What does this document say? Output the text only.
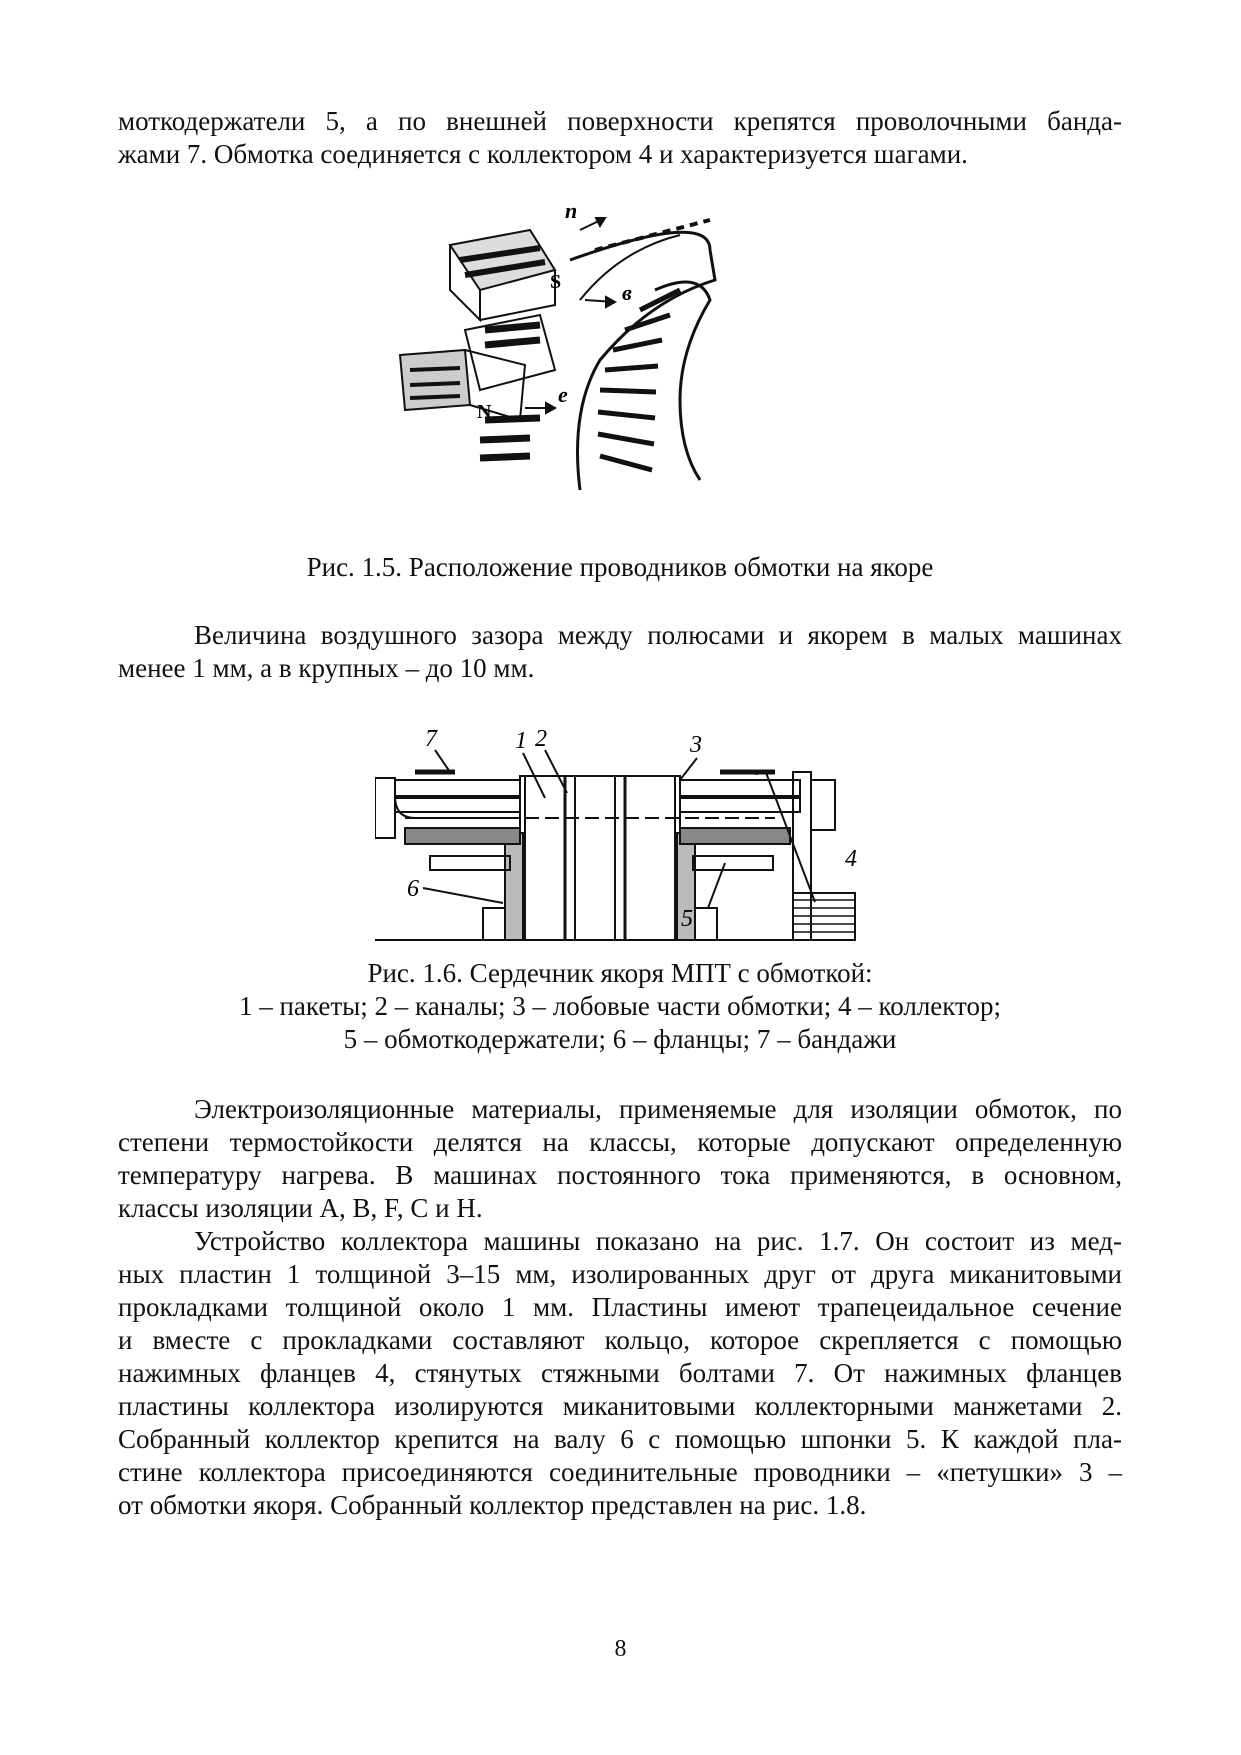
моткодержатели 5, а по внешней поверхности крепятся проволочными банда-
жами 7. Обмотка соединяется с коллектором 4 и характеризуется шагами.
n
S	в
N
е

Рис. 1.5. Расположение проводников обмотки на якоре

Величина воздушного зазора между полюсами и якорем в малых машинах
менее 1 мм, а в крупных – до 10 мм.
7	1 2	3
4
5
6
Рис. 1.6. Сердечник якоря МПТ с обмоткой:
1 – пакеты; 2 – каналы; 3 – лобовые части обмотки; 4 – коллектор;
5 – обмоткодержатели; 6 – фланцы; 7 – бандажи
Электроизоляционные материалы, применяемые для изоляции обмоток, по
степени термостойкости делятся на классы, которые допускают определенную
температуру нагрева. В машинах постоянного тока применяются, в основном,
классы изоляции A, B, F, C и H.
Устройство коллектора машины показано на рис. 1.7. Он состоит из мед-
ных пластин 1 толщиной 3–15 мм, изолированных друг от друга миканитовыми
прокладками толщиной около 1 мм. Пластины имеют трапецеидальное сечение
и вместе с прокладками составляют кольцо, которое скрепляется с помощью
нажимных фланцев 4, стянутых стяжными болтами 7. От нажимных фланцев
пластины коллектора изолируются миканитовыми коллекторными манжетами 2.
Собранный коллектор крепится на валу 6 с помощью шпонки 5. К каждой пла-
стине коллектора присоединяются соединительные проводники – «петушки» 3 –
от обмотки якоря. Собранный коллектор представлен на рис. 1.8.
8
